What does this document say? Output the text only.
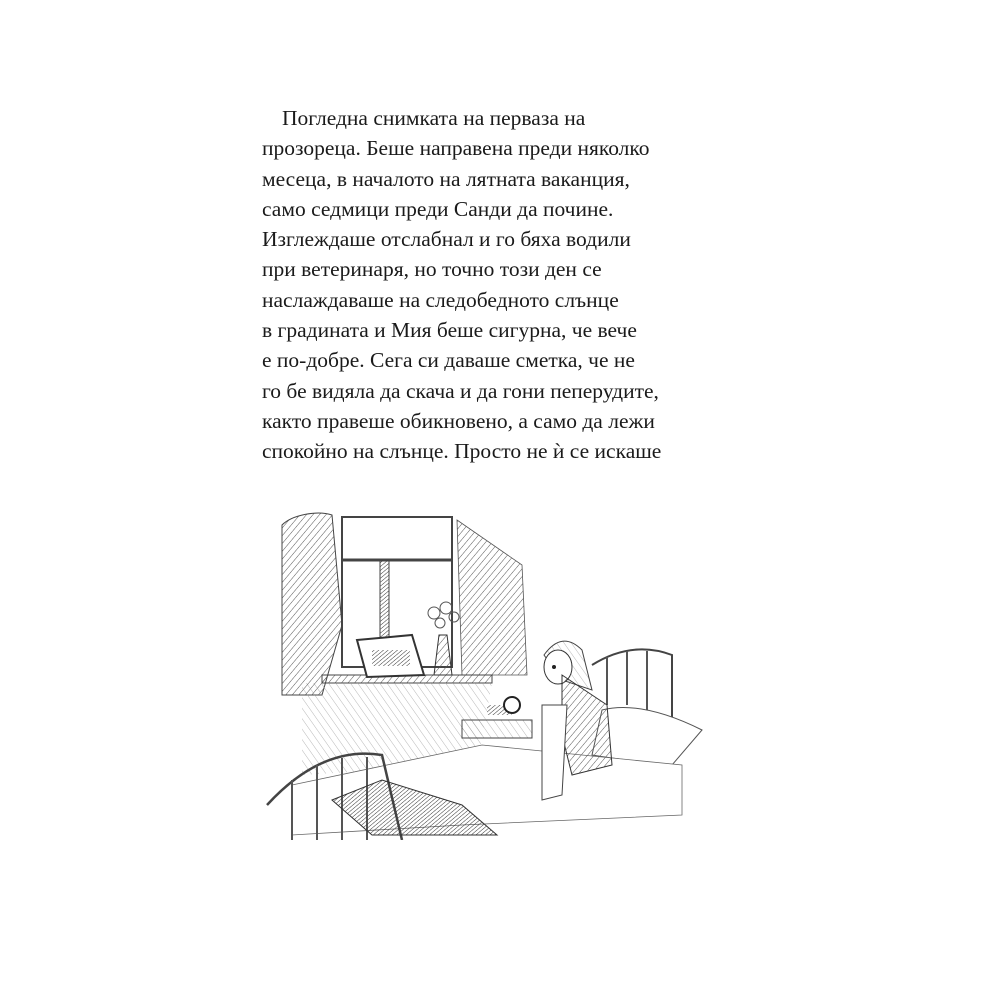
Погледна снимката на перваза на
прозореца. Беше направена преди няколко
месеца, в началото на лятната ваканция,
само седмици преди Санди да почине.
Изглеждаше отслабнал и го бяха водили
при ветеринаря, но точно този ден се
наслаждаваше на следобедното слънце
в градината и Мия беше сигурна, че вече
е по-добре. Сега си даваше сметка, че не
го бе видяла да скача и да гони пеперудите,
както правеше обикновено, а само да лежи
спокойно на слънце. Просто не ѝ се искаше
